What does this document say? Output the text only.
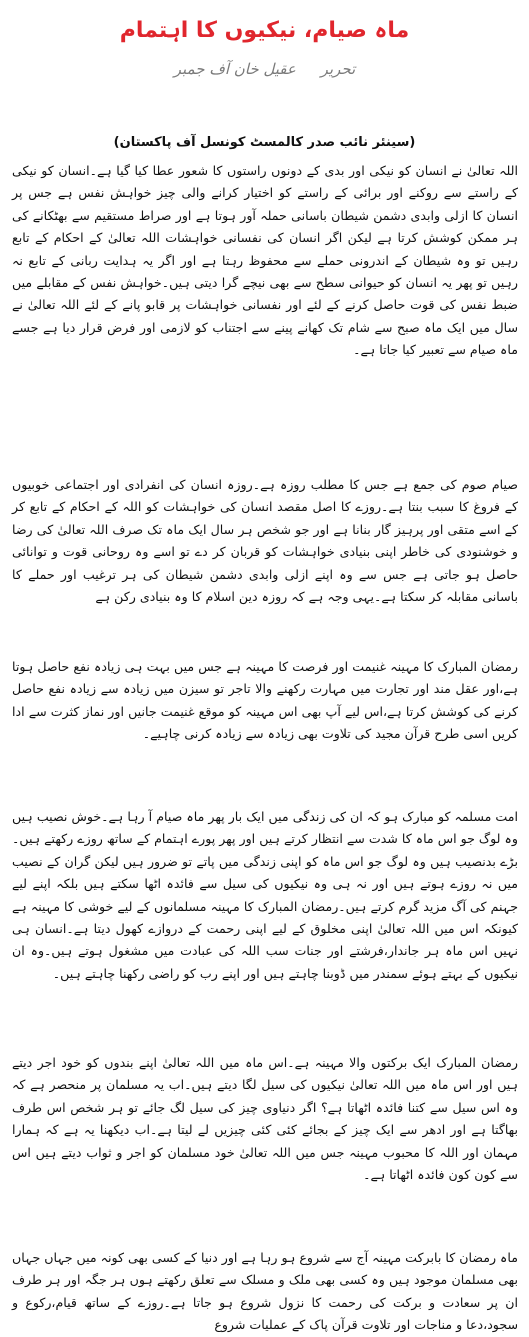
ماہ صیام، نیکیوں کا اہتمام
تحریر عقیل خان آف جمبر
(سینئر نائب صدر کالمسٹ کونسل آف پاکستان)

اللہ تعالیٰ نے انسان کو نیکی اور بدی کے دونوں راستوں کا شعور عطا کیا گیا ہے۔انسان کو نیکی کے راستے سے روکنے اور برائی کے راستے کو اختیار کرانے والی چیز خواہش نفس ہے جس پر انسان کا ازلی وابدی دشمن شیطان باسانی حملہ آور ہوتا ہے اور صراط مستقیم سے بھٹکانے کی ہر ممکن کوشش کرتا ہے لیکن اگر انسان کی نفسانی خواہشات اللہ تعالیٰ کے احکام کے تابع رہیں تو وہ شیطان کے اندرونی حملے سے محفوظ رہتا ہے اور اگر یہ ہدایت ربانی کے تابع نہ رہیں تو پھر یہ انسان کو حیوانی سطح سے بھی نیچے گرا دیتی ہیں۔خواہش نفس کے مقابلے میں ضبط نفس کی قوت حاصل کرنے کے لئے اور نفسانی خواہشات پر قابو پانے کے لئے اللہ تعالیٰ نے سال میں ایک ماہ صبح سے شام تک کھانے پینے سے اجتناب کو لازمی اور فرض قرار دیا ہے جسے ماہ صیام سے تعبیر کیا جاتا ہے۔

صیام صوم کی جمع ہے جس کا مطلب روزہ ہے۔روزہ انسان کی انفرادی اور اجتماعی خوبیوں کے فروغ کا سبب بنتا ہے۔روزے کا اصل مقصد انسان کی خواہشات کو اللہ کے احکام کے تابع کر کے اسے متقی اور پرہیز گار بنانا ہے اور جو شخص ہر سال ایک ماہ تک صرف اللہ تعالیٰ کی رضا و خوشنودی کی خاطر اپنی بنیادی خواہشات کو قربان کر دے تو اسے وہ روحانی قوت و توانائی حاصل ہو جاتی ہے جس سے وہ اپنے ازلی وابدی دشمن شیطان کی ہر ترغیب اور حملے کا باسانی مقابلہ کر سکتا ہے۔یہی وجہ ہے کہ روزہ دین اسلام کا وہ بنیادی رکن ہے

رمضان المبارک کا مہینہ غنیمت اور فرصت کا مہینہ ہے جس میں بہت ہی زیادہ نفع حاصل ہوتا ہے،اور عقل مند اور تجارت میں مہارت رکھنے والا تاجر تو سیزن میں زیادہ سے زیادہ نفع حاصل کرنے کی کوشش کرتا ہے،اس لیے آپ بھی اس مہینہ کو موقع غنیمت جانیں اور نماز کثرت سے ادا کریں اسی طرح قرآن مجید کی تلاوت بھی زیادہ سے زیادہ کرنی چاہیے۔

امت مسلمہ کو مبارک ہو کہ ان کی زندگی میں ایک بار پھر ماہ صیام آ رہا ہے۔خوش نصیب ہیں وہ لوگ جو اس ماہ کا شدت سے انتظار کرتے ہیں اور پھر پورے اہتمام کے ساتھ روزے رکھتے ہیں۔بڑے بدنصیب ہیں وہ لوگ جو اس ماہ کو اپنی زندگی میں پاتے تو ضرور ہیں لیکن گران کے نصیب میں نہ روزے ہوتے ہیں اور نہ ہی وہ نیکیوں کی سیل سے فائدہ اٹھا سکتے ہیں بلکہ اپنے لیے جہنم کی آگ مزید گرم کرتے ہیں۔رمضان المبارک کا مہینہ مسلمانوں کے لیے خوشی کا مہینہ ہے کیونکہ اس میں اللہ تعالیٰ اپنی مخلوق کے لیے اپنی رحمت کے دروازے کھول دیتا ہے۔انسان ہی نہیں اس ماہ ہر جاندار،فرشتے اور جنات سب اللہ کی عبادت میں مشغول ہوتے ہیں۔وہ ان نیکیوں کے بہتے ہوئے سمندر میں ڈوبنا چاہتے ہیں اور اپنے رب کو راضی رکھنا چاہتے ہیں۔

رمضان المبارک ایک برکتوں والا مہینہ ہے۔اس ماہ میں اللہ تعالیٰ اپنے بندوں کو خود اجر دیتے ہیں اور اس ماہ میں اللہ تعالیٰ نیکیوں کی سیل لگا دیتے ہیں۔اب یہ مسلمان پر منحصر ہے کہ وہ اس سیل سے کتنا فائدہ اٹھاتا ہے؟ اگر دنیاوی چیز کی سیل لگ جائے تو ہر شخص اس طرف بھاگتا ہے اور ادھر سے ایک چیز کے بجائے کئی کئی چیزیں لے لیتا ہے۔اب دیکھنا یہ ہے کہ ہمارا مہمان اور اللہ کا محبوب مہینہ جس میں اللہ تعالیٰ خود مسلمان کو اجر و ثواب دیتے ہیں اس سے کون کون فائدہ اٹھاتا ہے۔

ماہ رمضان کا بابرکت مہینہ آج سے شروع ہو رہا ہے اور دنیا کے کسی بھی کونہ میں جہاں جہاں بھی مسلمان موجود ہیں وہ کسی بھی ملک و مسلک سے تعلق رکھتے ہوں ہر جگہ اور ہر طرف ان پر سعادت و برکت کی رحمت کا نزول شروع ہو جاتا ہے۔روزے کے ساتھ قیام،رکوع و سجود،دعا و مناجات اور تلاوت قرآن پاک کے عملیات شروع
